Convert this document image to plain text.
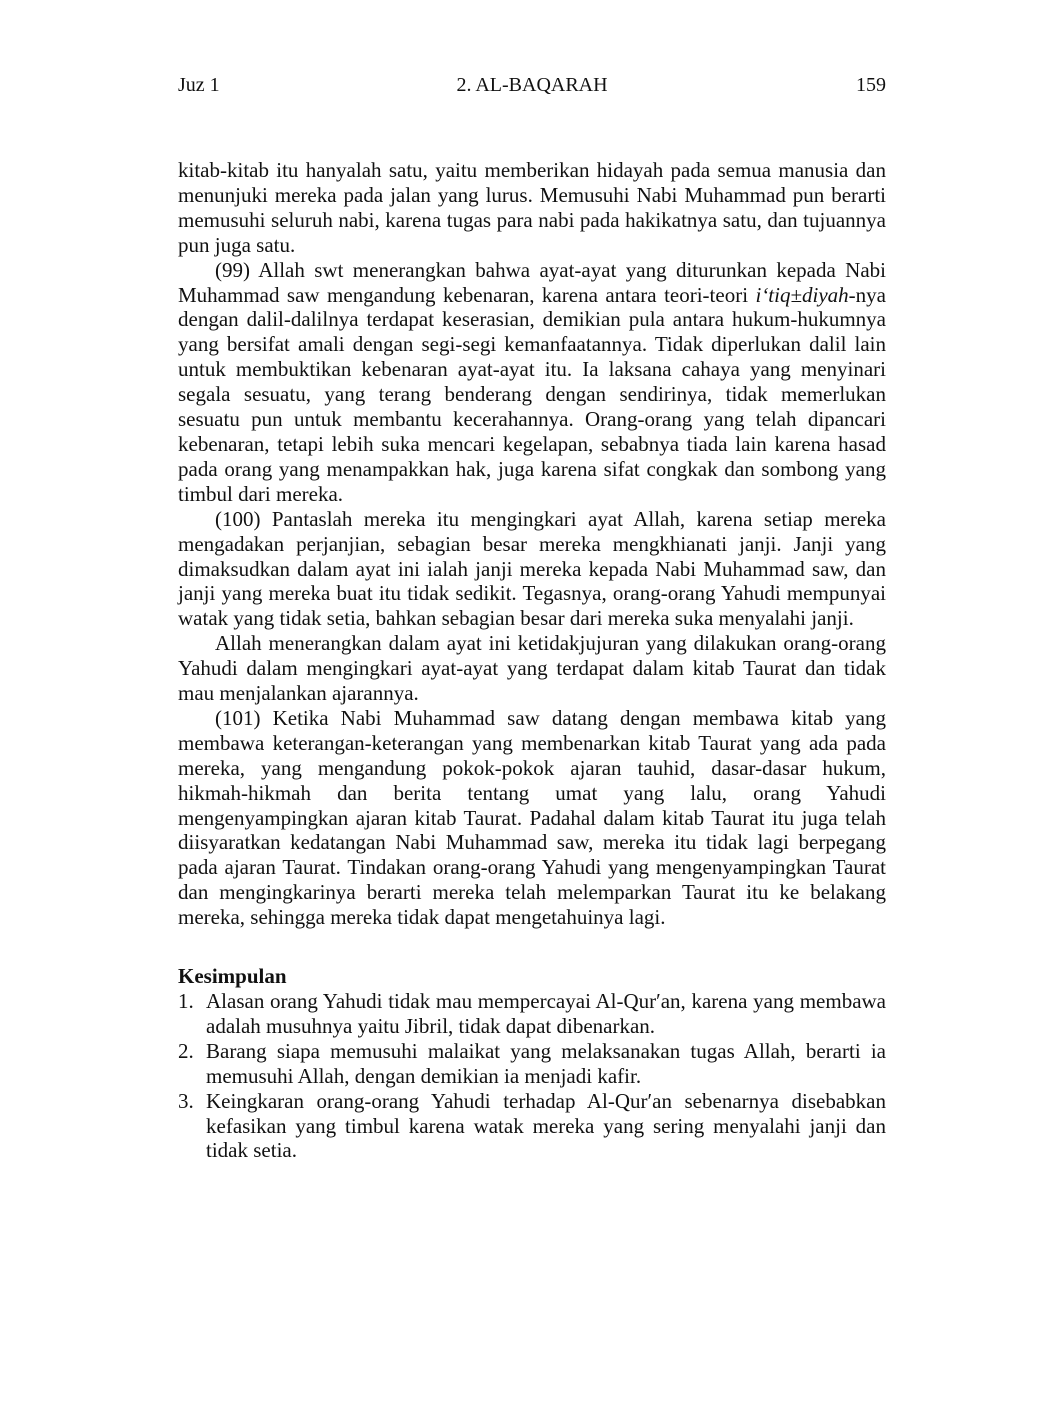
Juz 1	2. AL-BAQARAH	159

kitab-kitab itu hanyalah satu, yaitu memberikan hidayah pada semua manusia dan menunjuki mereka pada jalan yang lurus. Memusuhi Nabi Muhammad pun berarti memusuhi seluruh nabi, karena tugas para nabi pada hakikatnya satu, dan tujuannya pun juga satu.

(99) Allah swt menerangkan bahwa ayat-ayat yang diturunkan kepada Nabi Muhammad saw mengandung kebenaran, karena antara teori-teori i‘tiq±diyah-nya dengan dalil-dalilnya terdapat keserasian, demikian pula antara hukum-hukumnya yang bersifat amali dengan segi-segi kemanfaatannya. Tidak diperlukan dalil lain untuk membuktikan kebenaran ayat-ayat itu. Ia laksana cahaya yang menyinari segala sesuatu, yang terang benderang dengan sendirinya, tidak memerlukan sesuatu pun untuk membantu kecerahannya. Orang-orang yang telah dipancari kebenaran, tetapi lebih suka mencari kegelapan, sebabnya tiada lain karena hasad pada orang yang menampakkan hak, juga karena sifat congkak dan sombong yang timbul dari mereka.

(100) Pantaslah mereka itu mengingkari ayat Allah, karena setiap mereka mengadakan perjanjian, sebagian besar mereka mengkhianati janji. Janji yang dimaksudkan dalam ayat ini ialah janji mereka kepada Nabi Muhammad saw, dan janji yang mereka buat itu tidak sedikit. Tegasnya, orang-orang Yahudi mempunyai watak yang tidak setia, bahkan sebagian besar dari mereka suka menyalahi janji.

Allah menerangkan dalam ayat ini ketidakjujuran yang dilakukan orang-orang Yahudi dalam mengingkari ayat-ayat yang terdapat dalam kitab Taurat dan tidak mau menjalankan ajarannya.

(101) Ketika Nabi Muhammad saw datang dengan membawa kitab yang membawa keterangan-keterangan yang membenarkan kitab Taurat yang ada pada mereka, yang mengandung pokok-pokok ajaran tauhid, dasar-dasar hukum, hikmah-hikmah dan berita tentang umat yang lalu, orang Yahudi mengenyampingkan ajaran kitab Taurat. Padahal dalam kitab Taurat itu juga telah diisyaratkan kedatangan Nabi Muhammad saw, mereka itu tidak lagi berpegang pada ajaran Taurat. Tindakan orang-orang Yahudi yang mengenyampingkan Taurat dan mengingkarinya berarti mereka telah melemparkan Taurat itu ke belakang mereka, sehingga mereka tidak dapat mengetahuinya lagi.

Kesimpulan
1. Alasan orang Yahudi tidak mau mempercayai Al-Qur′an, karena yang membawa adalah musuhnya yaitu Jibril, tidak dapat dibenarkan.
2. Barang siapa memusuhi malaikat yang melaksanakan tugas Allah, berarti ia memusuhi Allah, dengan demikian ia menjadi kafir.
3. Keingkaran orang-orang Yahudi terhadap Al-Qur′an sebenarnya disebabkan kefasikan yang timbul karena watak mereka yang sering menyalahi janji dan tidak setia.
